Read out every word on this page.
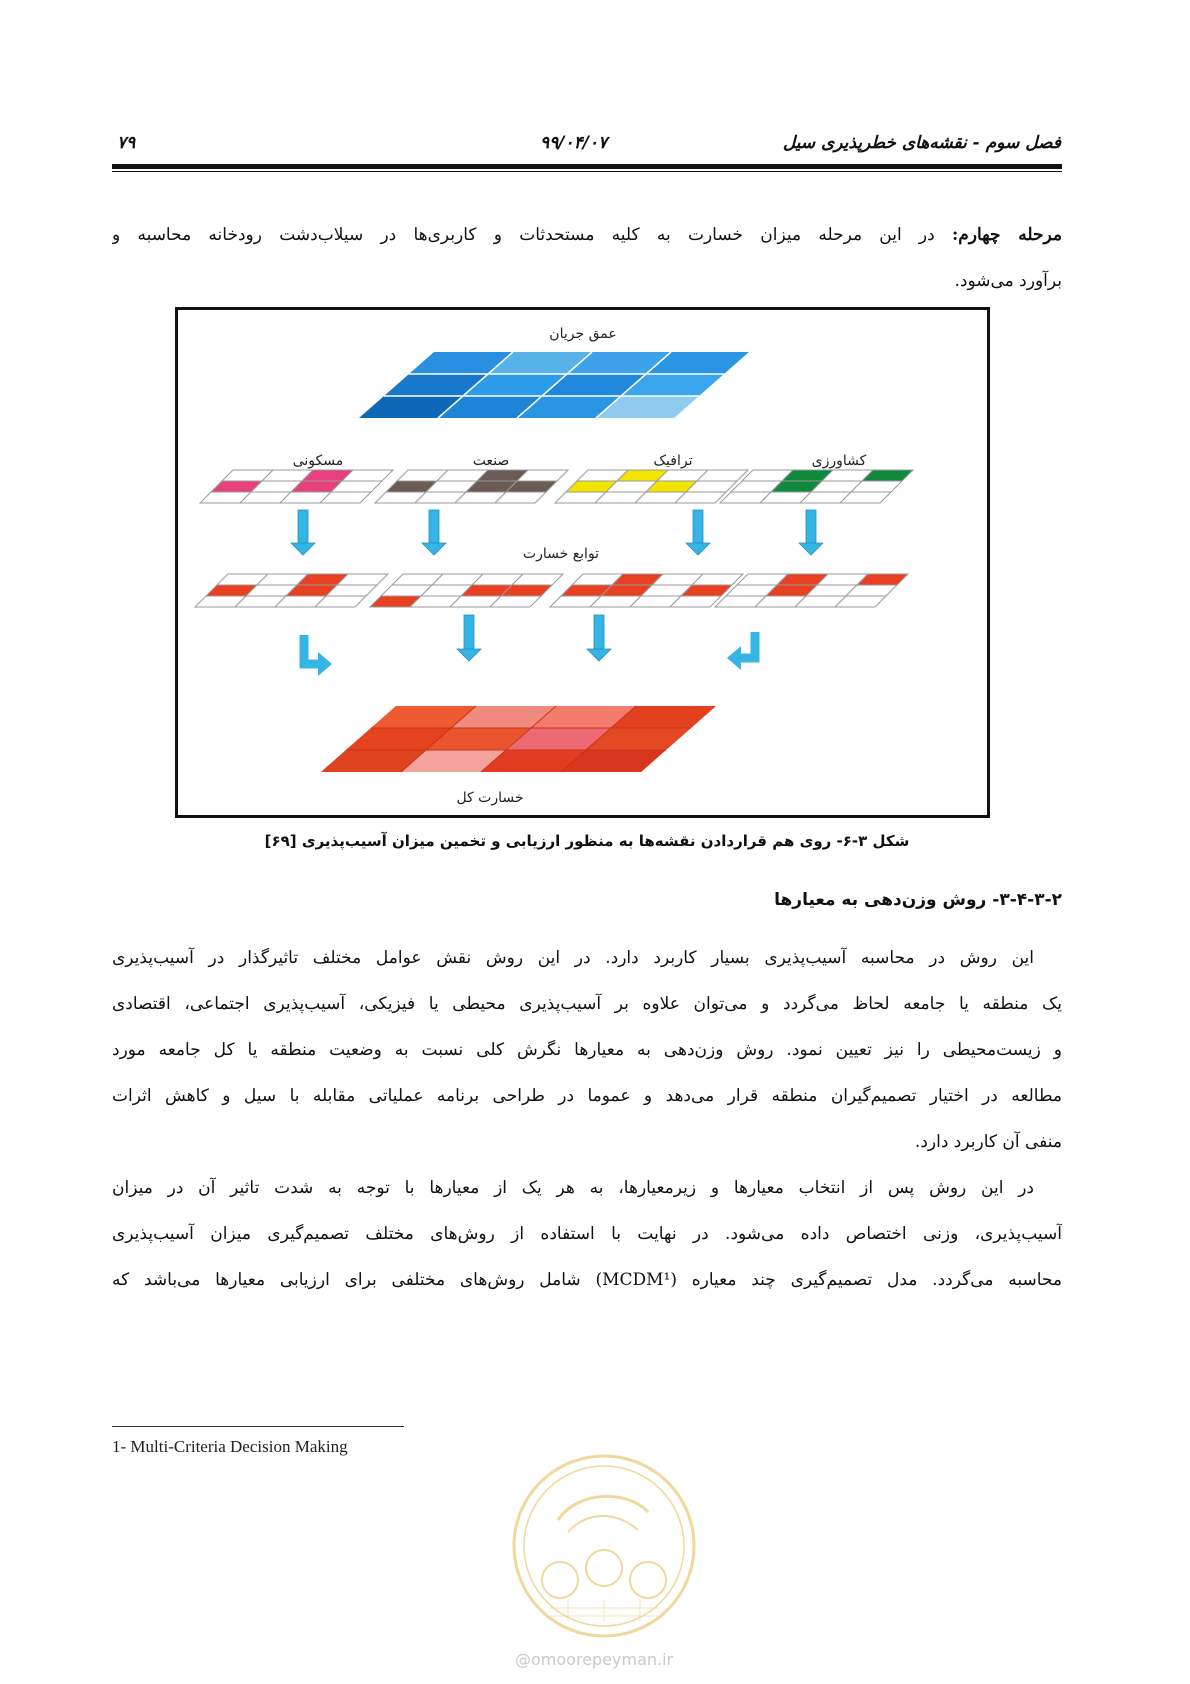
فصل سوم - نقشه‌های خطرپذیری سیل
۹۹/۰۴/۰۷
۷۹
مرحله چهارم: در این مرحله میزان خسارت به کلیه مستحدثات و کاربری‌ها در سیلاب‌دشت رودخانه محاسبه و
برآورد می‌شود.
عمق جریان
کشاورزی
ترافیک
صنعت
مسکونی
توابع خسارت
خسارت کل
شکل ۳-۶- روی هم قراردادن نقشه‌ها به منظور ارزیابی و تخمین میزان آسیب‌پذیری [۶۹]
۳-۴-۳-۲- روش وزن‌دهی به معیارها
این روش در محاسبه آسیب‌پذیری بسیار کاربرد دارد. در این روش نقش عوامل مختلف تاثیرگذار در آسیب‌پذیری
یک منطقه یا جامعه لحاظ می‌گردد و می‌توان علاوه بر آسیب‌پذیری محیطی یا فیزیکی، آسیب‌پذیری اجتماعی، اقتصادی
و زیست‌محیطی را نیز تعیین نمود. روش وزن‌دهی به معیارها نگرش کلی نسبت به وضعیت منطقه یا کل جامعه مورد
مطالعه در اختیار تصمیم‌گیران منطقه قرار می‌دهد و عموما در طراحی برنامه عملیاتی مقابله با سیل و کاهش اثرات
منفی آن کاربرد دارد.
در این روش پس از انتخاب معیارها و زیرمعیارها، به هر یک از معیارها با توجه به شدت تاثیر آن در میزان
آسیب‌پذیری، وزنی اختصاص داده می‌شود. در نهایت با استفاده از روش‌های مختلف تصمیم‌گیری میزان آسیب‌پذیری
محاسبه می‌گردد. مدل تصمیم‌گیری چند معیاره (MCDM¹) شامل روش‌های مختلفی برای ارزیابی معیارها می‌باشد که
1- Multi-Criteria Decision Making
@omoorepeyman.ir
